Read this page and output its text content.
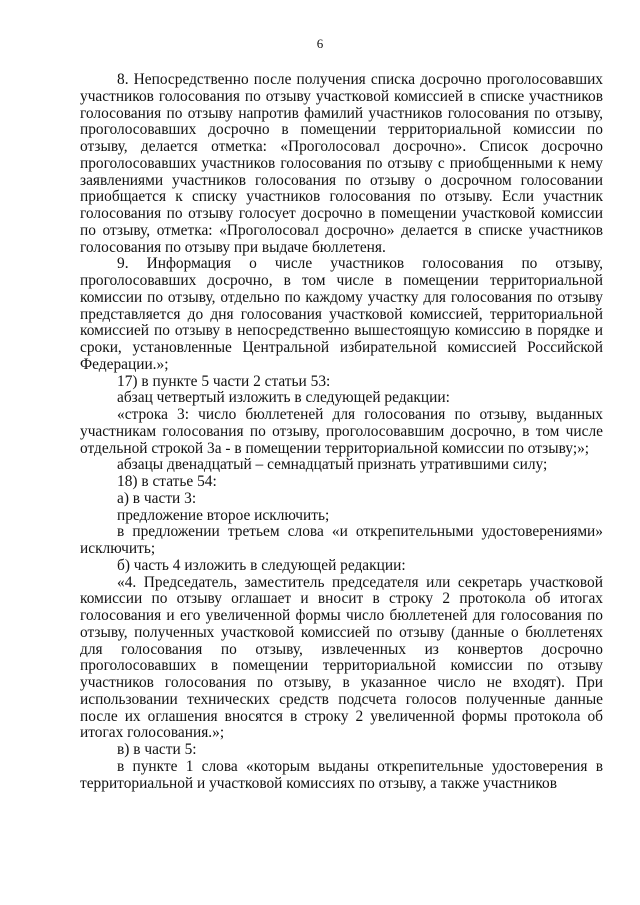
6

8. Непосредственно после получения списка досрочно проголосовавших участников голосования по отзыву участковой комиссией в списке участников голосования по отзыву напротив фамилий участников голосования по отзыву, проголосовавших досрочно в помещении территориальной комиссии по отзыву, делается отметка: «Проголосовал досрочно». Список досрочно проголосовавших участников голосования по отзыву с приобщенными к нему заявлениями участников голосования по отзыву о досрочном голосовании приобщается к списку участников голосования по отзыву. Если участник голосования по отзыву голосует досрочно в помещении участковой комиссии по отзыву, отметка: «Проголосовал досрочно» делается в списке участников голосования по отзыву при выдаче бюллетеня.

9. Информация о числе участников голосования по отзыву, проголосовавших досрочно, в том числе в помещении территориальной комиссии по отзыву, отдельно по каждому участку для голосования по отзыву представляется до дня голосования участковой комиссией, территориальной комиссией по отзыву в непосредственно вышестоящую комиссию в порядке и сроки, установленные Центральной избирательной комиссией Российской Федерации.»;

17) в пункте 5 части 2 статьи 53:

абзац четвертый изложить в следующей редакции:

«строка 3: число бюллетеней для голосования по отзыву, выданных участникам голосования по отзыву, проголосовавшим досрочно, в том числе отдельной строкой 3а - в помещении территориальной комиссии по отзыву;»;

абзацы двенадцатый – семнадцатый признать утратившими силу;

18) в статье 54:

а) в части 3:

предложение второе исключить;

в предложении третьем слова «и открепительными удостоверениями» исключить;

б) часть 4 изложить в следующей редакции:

«4. Председатель, заместитель председателя или секретарь участковой комиссии по отзыву оглашает и вносит в строку 2 протокола об итогах голосования и его увеличенной формы число бюллетеней для голосования по отзыву, полученных участковой комиссией по отзыву (данные о бюллетенях для голосования по отзыву, извлеченных из конвертов досрочно проголосовавших в помещении территориальной комиссии по отзыву участников голосования по отзыву, в указанное число не входят). При использовании технических средств подсчета голосов полученные данные после их оглашения вносятся в строку 2 увеличенной формы протокола об итогах голосования.»;

в) в части 5:

в пункте 1 слова «которым выданы открепительные удостоверения в территориальной и участковой комиссиях по отзыву, а также участников
